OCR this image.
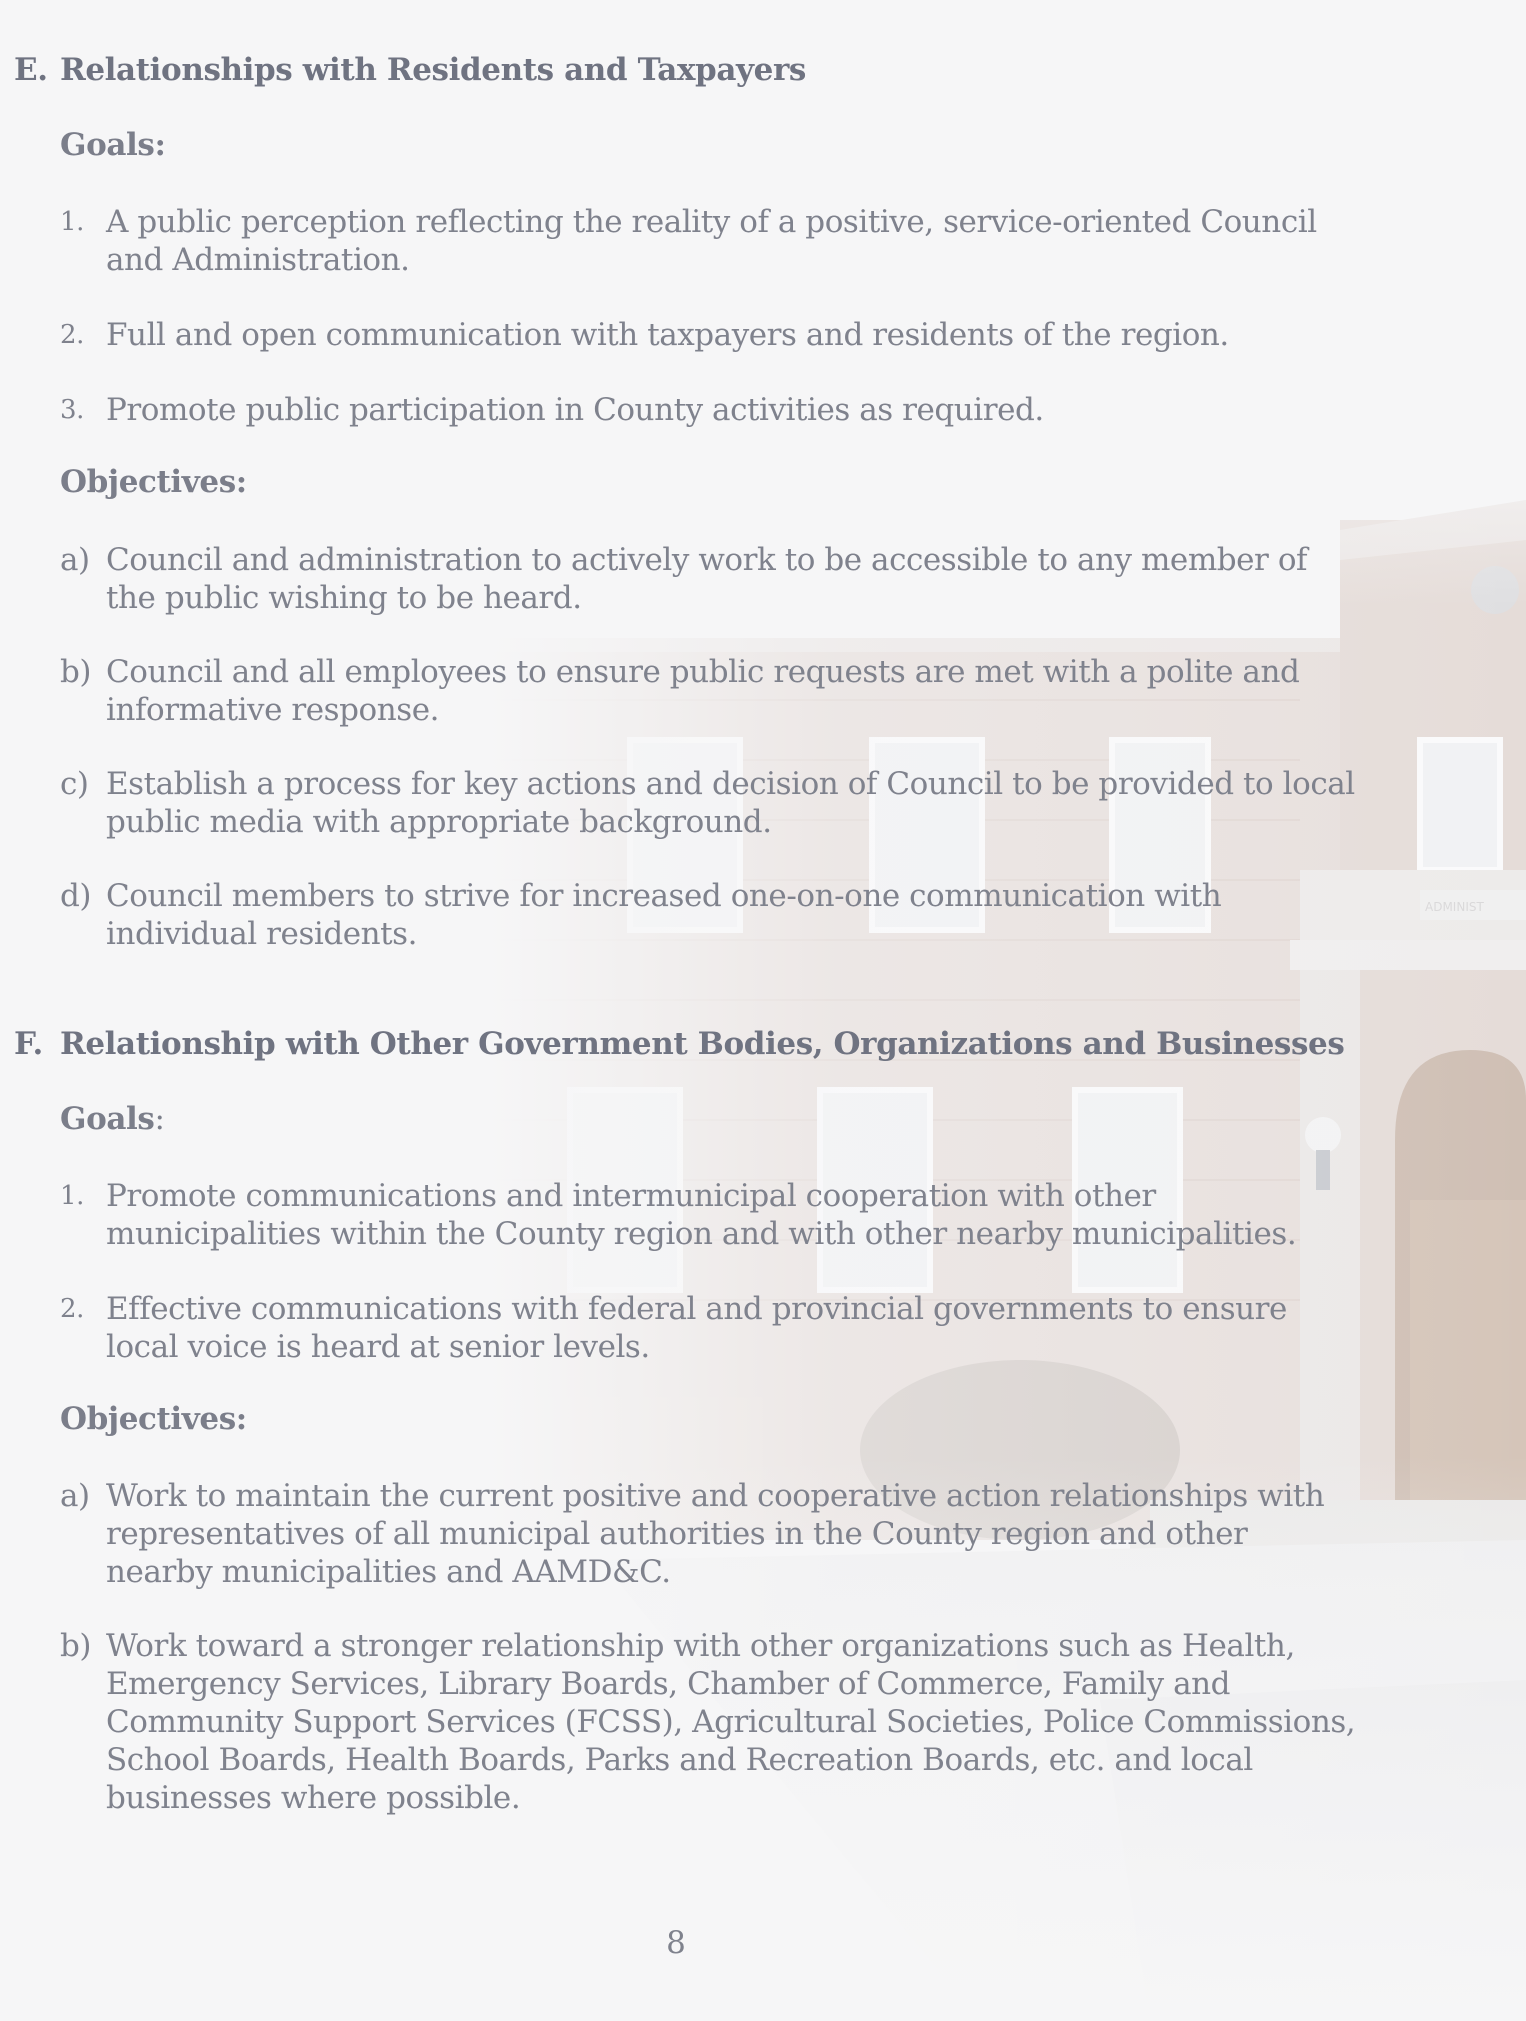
E. Relationships with Residents and Taxpayers
Goals:
1. A public perception reflecting the reality of a positive, service-oriented Council and Administration.
2. Full and open communication with taxpayers and residents of the region.
3. Promote public participation in County activities as required.
Objectives:
a) Council and administration to actively work to be accessible to any member of the public wishing to be heard.
b) Council and all employees to ensure public requests are met with a polite and informative response.
c) Establish a process for key actions and decision of Council to be provided to local public media with appropriate background.
d) Council members to strive for increased one-on-one communication with individual residents.
F. Relationship with Other Government Bodies, Organizations and Businesses
Goals:
1. Promote communications and intermunicipal cooperation with other municipalities within the County region and with other nearby municipalities.
2. Effective communications with federal and provincial governments to ensure local voice is heard at senior levels.
Objectives:
a) Work to maintain the current positive and cooperative action relationships with representatives of all municipal authorities in the County region and other nearby municipalities and AAMD&C.
b) Work toward a stronger relationship with other organizations such as Health, Emergency Services, Library Boards, Chamber of Commerce, Family and Community Support Services (FCSS), Agricultural Societies, Police Commissions, School Boards, Health Boards, Parks and Recreation Boards, etc. and local businesses where possible.
8
